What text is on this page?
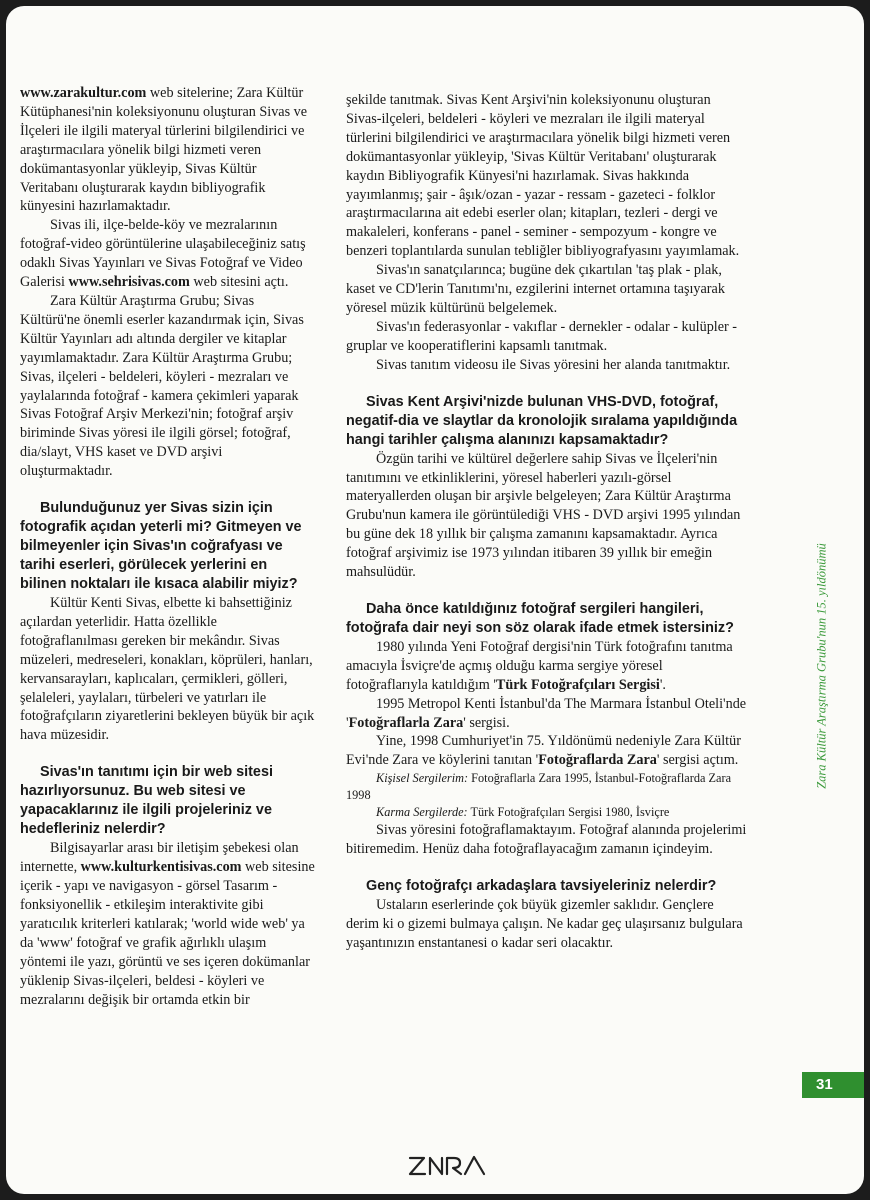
www.zarakultur.com web sitelerine; Zara Kültür Kütüphanesi'nin koleksiyonunu oluşturan Sivas ve İlçeleri ile ilgili materyal türlerini bilgilendirici ve araştırmacılara yönelik bilgi hizmeti veren dokümantasyonlar yükleyip, Sivas Kültür Veritabanı oluşturarak kaydın bibliyografik künyesini hazırlamaktadır.

Sivas ili, ilçe-belde-köy ve mezralarının fotoğraf-video görüntülerine ulaşabileceğiniz satış odaklı Sivas Yayınları ve Sivas Fotoğraf ve Video Galerisi www.sehrisivas.com web sitesini açtı.

Zara Kültür Araştırma Grubu; Sivas Kültürü'ne önemli eserler kazandırmak için, Sivas Kültür Yayınları adı altında dergiler ve kitaplar yayımlamaktadır. Zara Kültür Araştırma Grubu; Sivas, ilçeleri - beldeleri, köyleri - mezraları ve yaylalarında fotoğraf - kamera çekimleri yaparak Sivas Fotoğraf Arşiv Merkezi'nin; fotoğraf arşiv biriminde Sivas yöresi ile ilgili görsel; fotoğraf, dia/slayt, VHS kaset ve DVD arşivi oluşturmaktadır.

Bulunduğunuz yer Sivas sizin için fotografik açıdan yeterli mi? Gitmeyen ve bilmeyenler için Sivas'ın coğrafyası ve tarihi eserleri, görülecek yerlerini en bilinen noktaları ile kısaca alabilir miyiz?

Kültür Kenti Sivas, elbette ki bahsettiğiniz açılardan yeterlidir. Hatta özellikle fotoğraflanılması gereken bir mekândır. Sivas müzeleri, medreseleri, konakları, köprüleri, hanları, kervansarayları, kaplıcaları, çermikleri, gölleri, şelaleleri, yaylaları, türbeleri ve yatırları ile fotoğrafçıların ziyaretlerini bekleyen büyük bir açık hava müzesidir.

Sivas'ın tanıtımı için bir web sitesi hazırlıyorsunuz. Bu web sitesi ve yapacaklarınız ile ilgili projeleriniz ve hedefleriniz nelerdir?

Bilgisayarlar arası bir iletişim şebekesi olan internette, www.kulturkentisivas.com web sitesine içerik - yapı ve navigasyon - görsel Tasarım - fonksiyonellik - etkileşim interaktivite gibi yaratıcılık kriterleri katılarak; 'world wide web' ya da 'www' fotoğraf ve grafik ağırlıklı ulaşım yöntemi ile yazı, görüntü ve ses içeren dokümanlar yüklenip Sivas-ilçeleri, beldesi - köyleri ve mezralarını değişik bir ortamda etkin bir

şekilde tanıtmak. Sivas Kent Arşivi'nin koleksiyonunu oluşturan Sivas-ilçeleri, beldeleri - köyleri ve mezraları ile ilgili materyal türlerini bilgilendirici ve araştırmacılara yönelik bilgi hizmeti veren dokümantasyonlar yükleyip, 'Sivas Kültür Veritabanı' oluşturarak kaydın Bibliyografik Künyesi'ni hazırlamak. Sivas hakkında yayımlanmış; şair - âşık/ozan - yazar - ressam - gazeteci - folklor araştırmacılarına ait edebi eserler olan; kitapları, tezleri - dergi ve makaleleri, konferans - panel - seminer - sempozyum - kongre ve benzeri toplantılarda sunulan tebliğler bibliyografyasını yayımlamak.

Sivas'ın sanatçılarınca; bugüne dek çıkartılan 'taş plak - plak, kaset ve CD'lerin Tanıtımı'nı, ezgilerini internet ortamına taşıyarak yöresel müzik kültürünü belgelemek.

Sivas'ın federasyonlar - vakıflar - dernekler - odalar - kulüpler - gruplar ve kooperatiflerini kapsamlı tanıtmak.

Sivas tanıtım videosu ile Sivas yöresini her alanda tanıtmaktır.

Sivas Kent Arşivi'nizde bulunan VHS-DVD, fotoğraf, negatif-dia ve slaytlar da kronolojik sıralama yapıldığında hangi tarihler çalışma alanınızı kapsamaktadır?

Özgün tarihi ve kültürel değerlere sahip Sivas ve İlçeleri'nin tanıtımını ve etkinliklerini, yöresel haberleri yazılı-görsel materyallerden oluşan bir arşivle belgeleyen; Zara Kültür Araştırma Grubu'nun kamera ile görüntülediği VHS - DVD arşivi 1995 yılından bu güne dek 18 yıllık bir çalışma zamanını kapsamaktadır. Ayrıca fotoğraf arşivimiz ise 1973 yılından itibaren 39 yıllık bir emeğin mahsulüdür.

Daha önce katıldığınız fotoğraf sergileri hangileri, fotoğrafa dair neyi son söz olarak ifade etmek istersiniz?

1980 yılında Yeni Fotoğraf dergisi'nin Türk fotoğrafını tanıtma amacıyla İsviçre'de açmış olduğu karma sergiye yöresel fotoğraflarıyla katıldığım 'Türk Fotoğrafçıları Sergisi'.

1995 Metropol Kenti İstanbul'da The Marmara İstanbul Oteli'nde 'Fotoğraflarla Zara' sergisi.

Yine, 1998 Cumhuriyet'in 75. Yıldönümü nedeniyle Zara Kültür Evi'nde Zara ve köylerini tanıtan 'Fotoğraflarda Zara' sergisi açtım.

Kişisel Sergilerim: Fotoğraflarla Zara 1995, İstanbul-Fotoğraflarda Zara 1998

Karma Sergilerde: Türk Fotoğrafçıları Sergisi 1980, İsviçre

Sivas yöresini fotoğraflamaktayım. Fotoğraf alanında projelerimi bitiremedim. Henüz daha fotoğraflayacağım zamanın içindeyim.

Genç fotoğrafçı arkadaşlara tavsiyeleriniz nelerdir?

Ustaların eserlerinde çok büyük gizemler saklıdır. Gençlere derim ki o gizemi bulmaya çalışın. Ne kadar geç ulaşırsanız bulgulara yaşantınızın enstantanesi o kadar seri olacaktır.

Zara Kültür Araştırma Grubu'nun 15. yıldönümü
31
